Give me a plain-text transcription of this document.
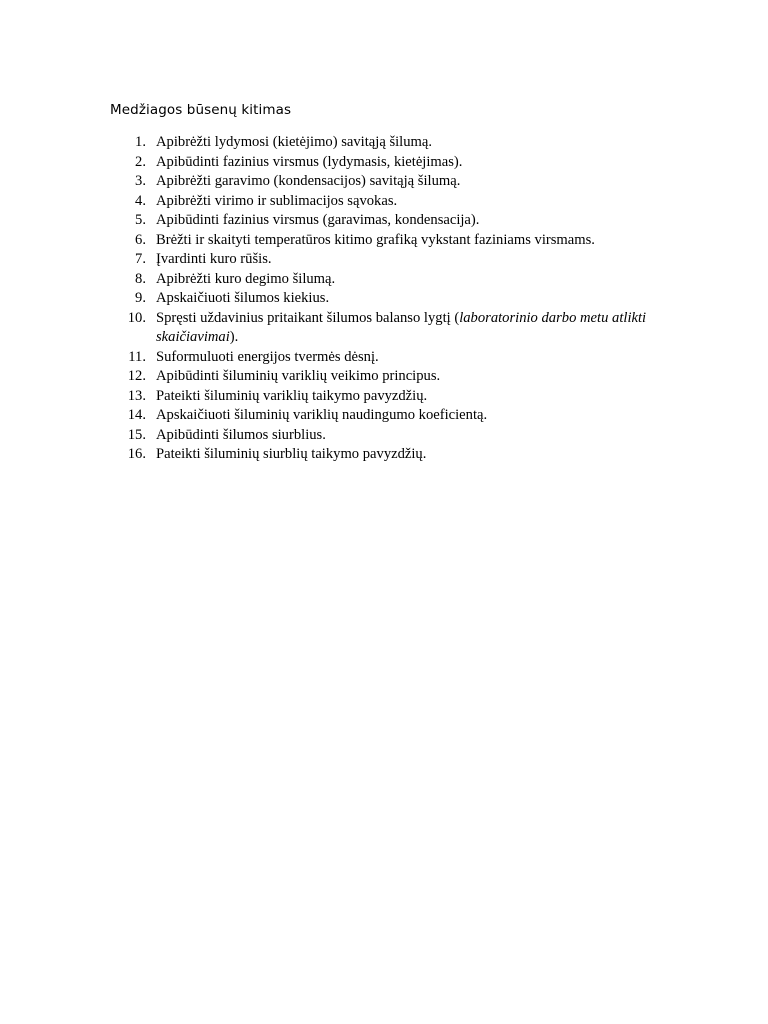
Medžiagos būsenų kitimas
1. Apibrėžti lydymosi (kietėjimo) savitąją šilumą.
2. Apibūdinti fazinius virsmus (lydymasis, kietėjimas).
3. Apibrėžti garavimo (kondensacijos) savitąją šilumą.
4. Apibrėžti virimo ir sublimacijos sąvokas.
5. Apibūdinti fazinius virsmus (garavimas, kondensacija).
6. Brėžti ir skaityti temperatūros kitimo grafiką vykstant faziniams virsmams.
7. Įvardinti kuro rūšis.
8. Apibrėžti kuro degimo šilumą.
9. Apskaičiuoti šilumos kiekius.
10. Spręsti uždavinius pritaikant šilumos balanso lygtį (laboratorinio darbo metu atlikti skaičiavimai).
11. Suformuluoti energijos tvermės dėsnį.
12. Apibūdinti šiluminių variklių veikimo principus.
13. Pateikti šiluminių variklių taikymo pavyzdžių.
14. Apskaičiuoti šiluminių variklių naudingumo koeficientą.
15. Apibūdinti šilumos siurblius.
16. Pateikti šiluminių siurblių taikymo pavyzdžių.
